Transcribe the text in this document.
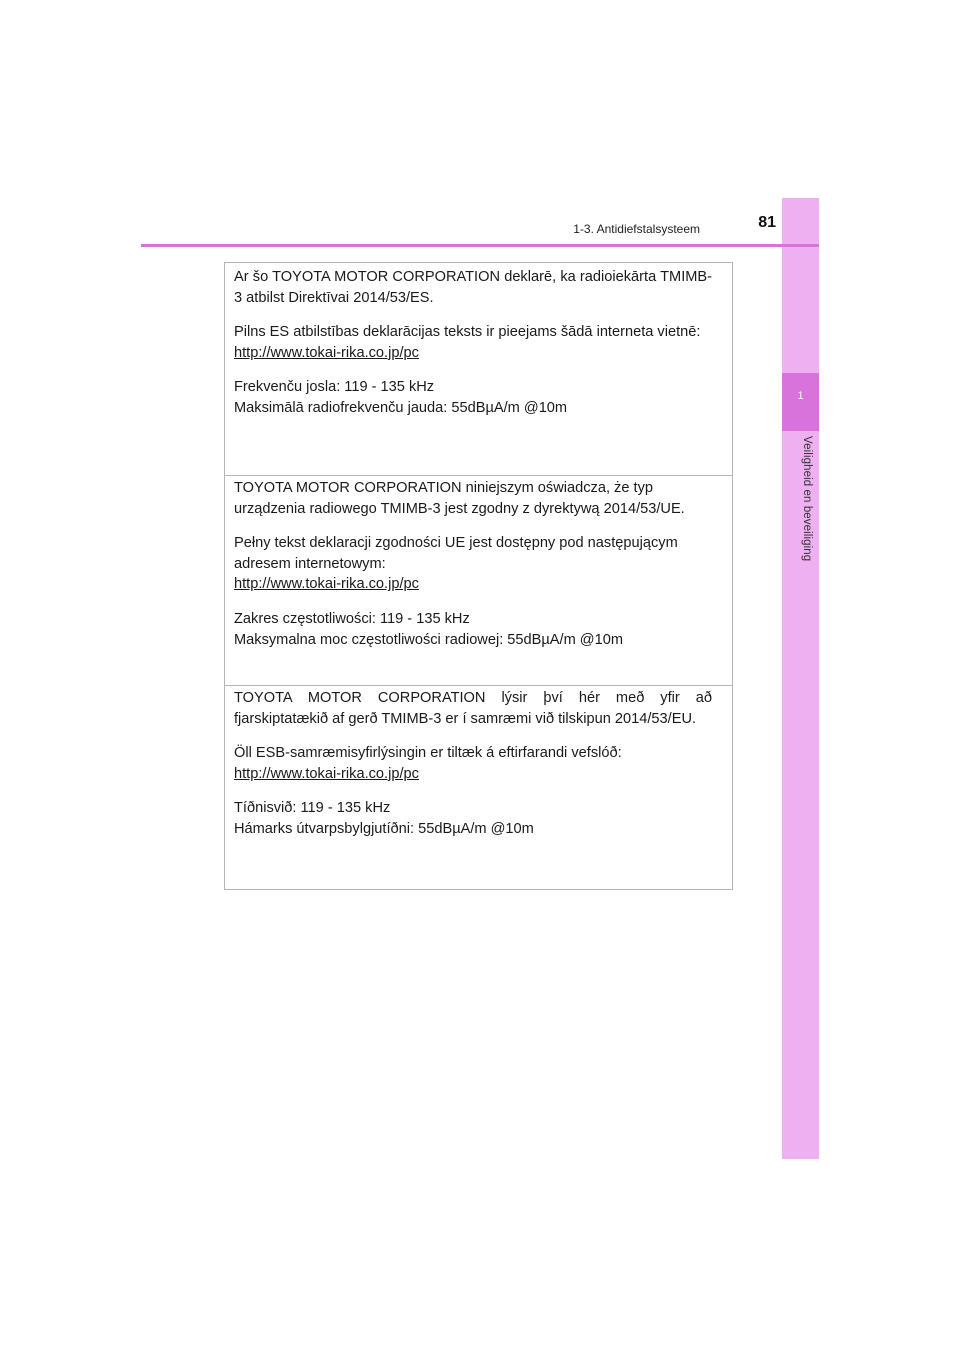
1
Veiligheid en beveiliging
1-3. Antidiefstalsysteem	81

Ar šo TOYOTA MOTOR CORPORATION deklarē, ka radioiekārta TMIMB-3 atbilst Direktīvai 2014/53/ES.

Pilns ES atbilstības deklarācijas teksts ir pieejams šādā interneta vietnē:

http://www.tokai-rika.co.jp/pc

Frekvenču josla: 119 - 135 kHz

Maksimālā radiofrekvenču jauda: 55dBµA/m @10m

TOYOTA MOTOR CORPORATION niniejszym oświadcza, że typ urządzenia radiowego TMIMB-3 jest zgodny z dyrektywą 2014/53/UE.

Pełny tekst deklaracji zgodności UE jest dostępny pod następującym adresem internetowym:

http://www.tokai-rika.co.jp/pc

Zakres częstotliwości: 119 - 135 kHz

Maksymalna moc częstotliwości radiowej: 55dBµA/m @10m

TOYOTA MOTOR CORPORATION lýsir því hér með yfir að fjarskiptatækið af gerð TMIMB-3 er í samræmi við tilskipun 2014/53/EU.

Öll ESB-samræmisyfirlýsingin er tiltæk á eftirfarandi vefslóð:

http://www.tokai-rika.co.jp/pc

Tíðnisvið: 119 - 135 kHz

Hámarks útvarpsbylgjutíðni: 55dBµA/m @10m
